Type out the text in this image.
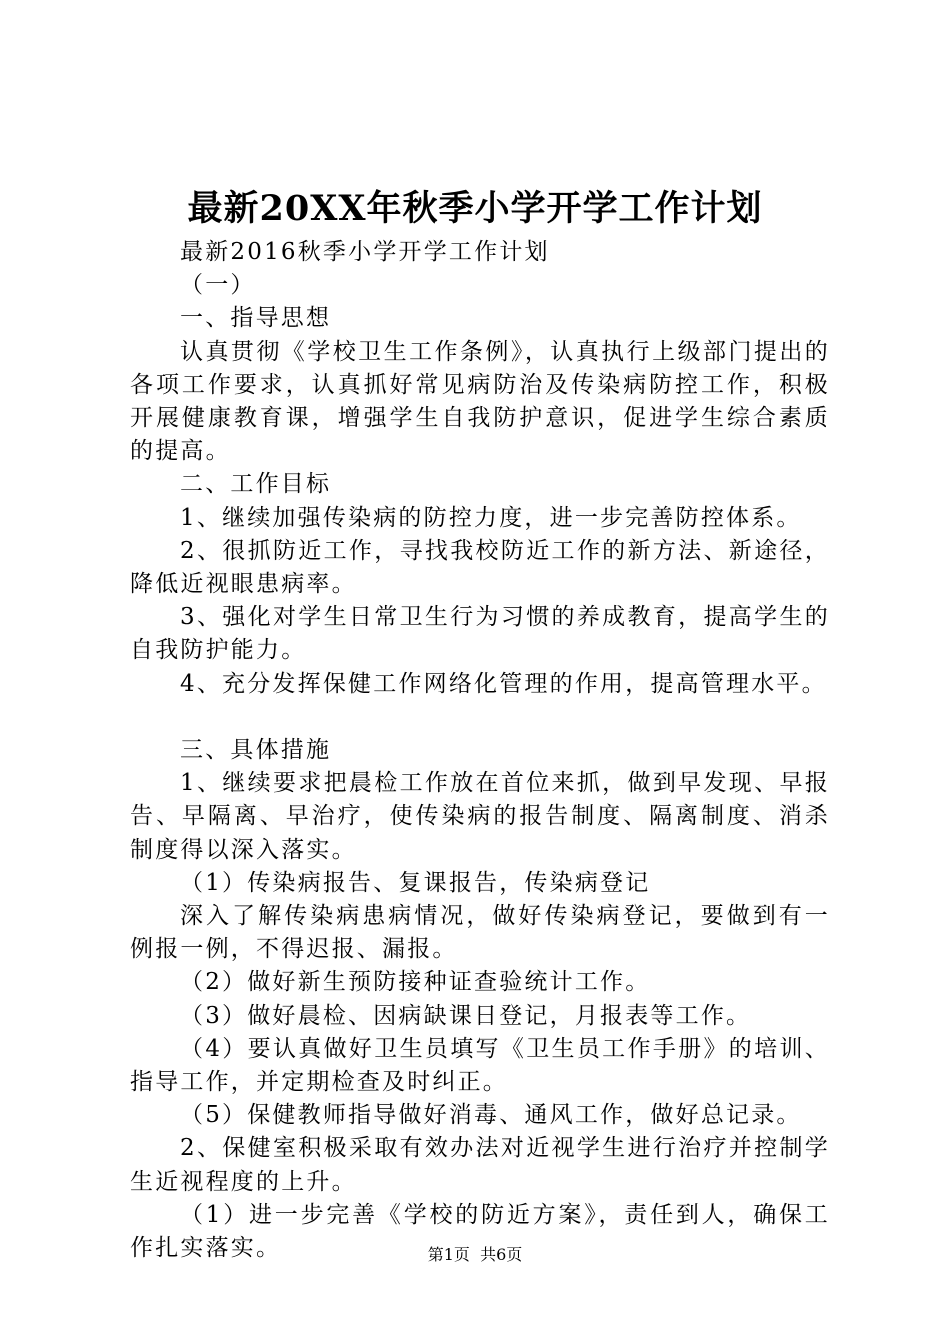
最新20XX年秋季小学开学工作计划

最新2016秋季小学开学工作计划

（一）

一、指导思想

认真贯彻《学校卫生工作条例》，认真执行上级部门提出的各项工作要求，认真抓好常见病防治及传染病防控工作，积极开展健康教育课，增强学生自我防护意识，促进学生综合素质的提高。

二、工作目标

1、继续加强传染病的防控力度，进一步完善防控体系。

2、很抓防近工作，寻找我校防近工作的新方法、新途径，降低近视眼患病率。

3、强化对学生日常卫生行为习惯的养成教育，提高学生的自我防护能力。

4、充分发挥保健工作网络化管理的作用，提高管理水平。

三、具体措施

1、继续要求把晨检工作放在首位来抓，做到早发现、早报告、早隔离、早治疗，使传染病的报告制度、隔离制度、消杀制度得以深入落实。

（1）传染病报告、复课报告，传染病登记

深入了解传染病患病情况，做好传染病登记，要做到有一例报一例，不得迟报、漏报。

（2）做好新生预防接种证查验统计工作。

（3）做好晨检、因病缺课日登记，月报表等工作。

（4）要认真做好卫生员填写《卫生员工作手册》的培训、指导工作，并定期检查及时纠正。

（5）保健教师指导做好消毒、通风工作，做好总记录。

2、保健室积极采取有效办法对近视学生进行治疗并控制学生近视程度的上升。

（1）进一步完善《学校的防近方案》，责任到人，确保工作扎实落实。	第1页 共6页
